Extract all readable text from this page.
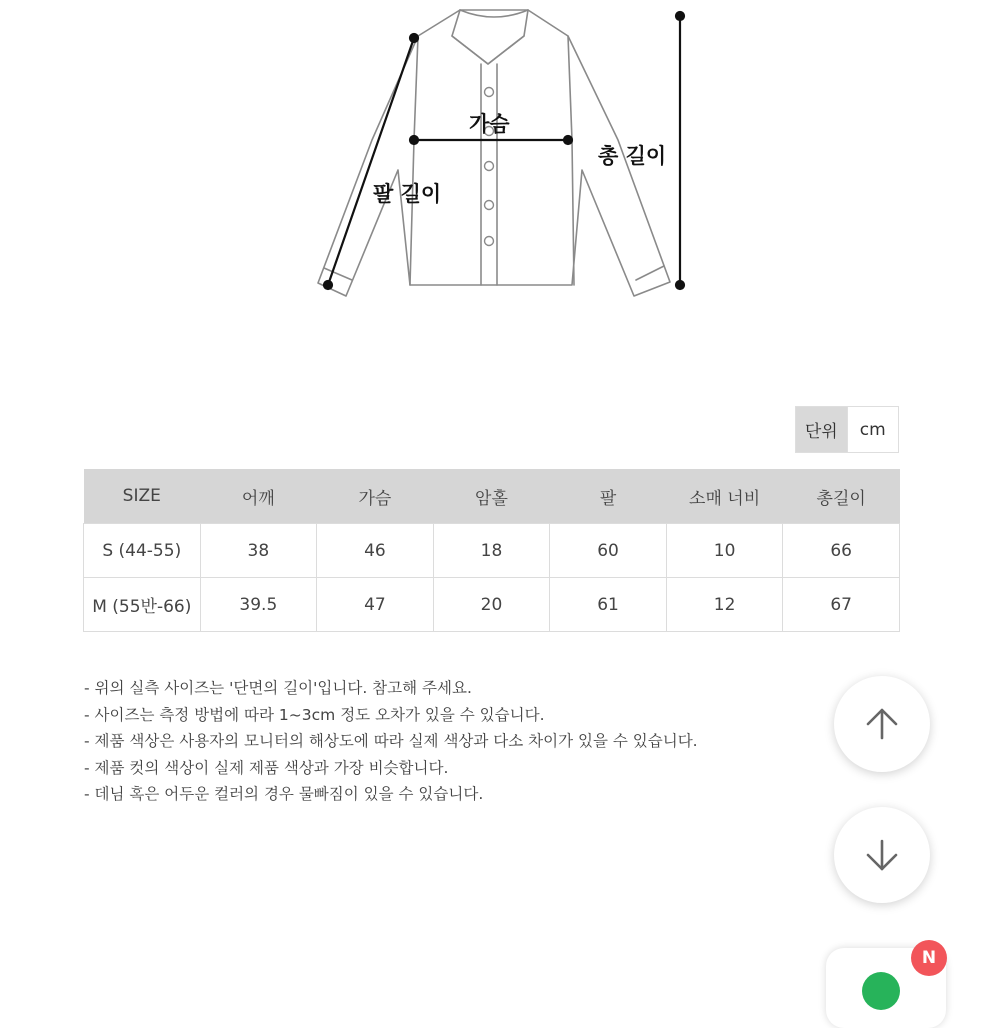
가슴
총 길이
팔 길이
단위	cm
SIZE	어깨	가슴	암홀	팔	소매 너비	총길이
S (44-55)	38	46	18	60	10	66
M (55반-66)	39.5	47	20	61	12	67
- 위의 실측 사이즈는 '단면의 길이'입니다. 참고해 주세요.
- 사이즈는 측정 방법에 따라 1~3cm 정도 오차가 있을 수 있습니다.
- 제품 색상은 사용자의 모니터의 해상도에 따라 실제 색상과 다소 차이가 있을 수 있습니다.
- 제품 컷의 색상이 실제 제품 색상과 가장 비슷합니다.
- 데님 혹은 어두운 컬러의 경우 물빠짐이 있을 수 있습니다.
N
